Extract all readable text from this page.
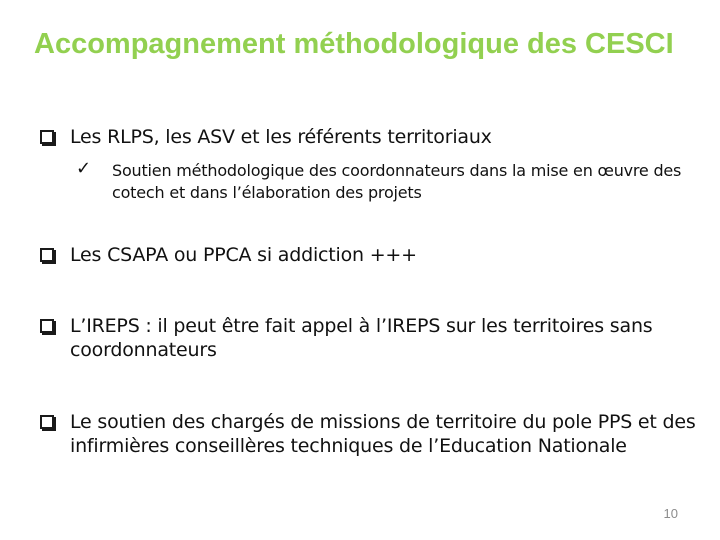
Accompagnement méthodologique des CESCI
Les RLPS, les ASV et les référents territoriaux
✓	Soutien méthodologique des coordonnateurs dans la mise en œuvre des cotech et dans l’élaboration des projets
Les CSAPA ou PPCA si addiction +++
L’IREPS : il peut être fait appel à l’IREPS sur les territoires sans coordonnateurs
Le soutien des chargés de missions de territoire du pole PPS et des infirmières conseillères techniques de l’Education Nationale
10
